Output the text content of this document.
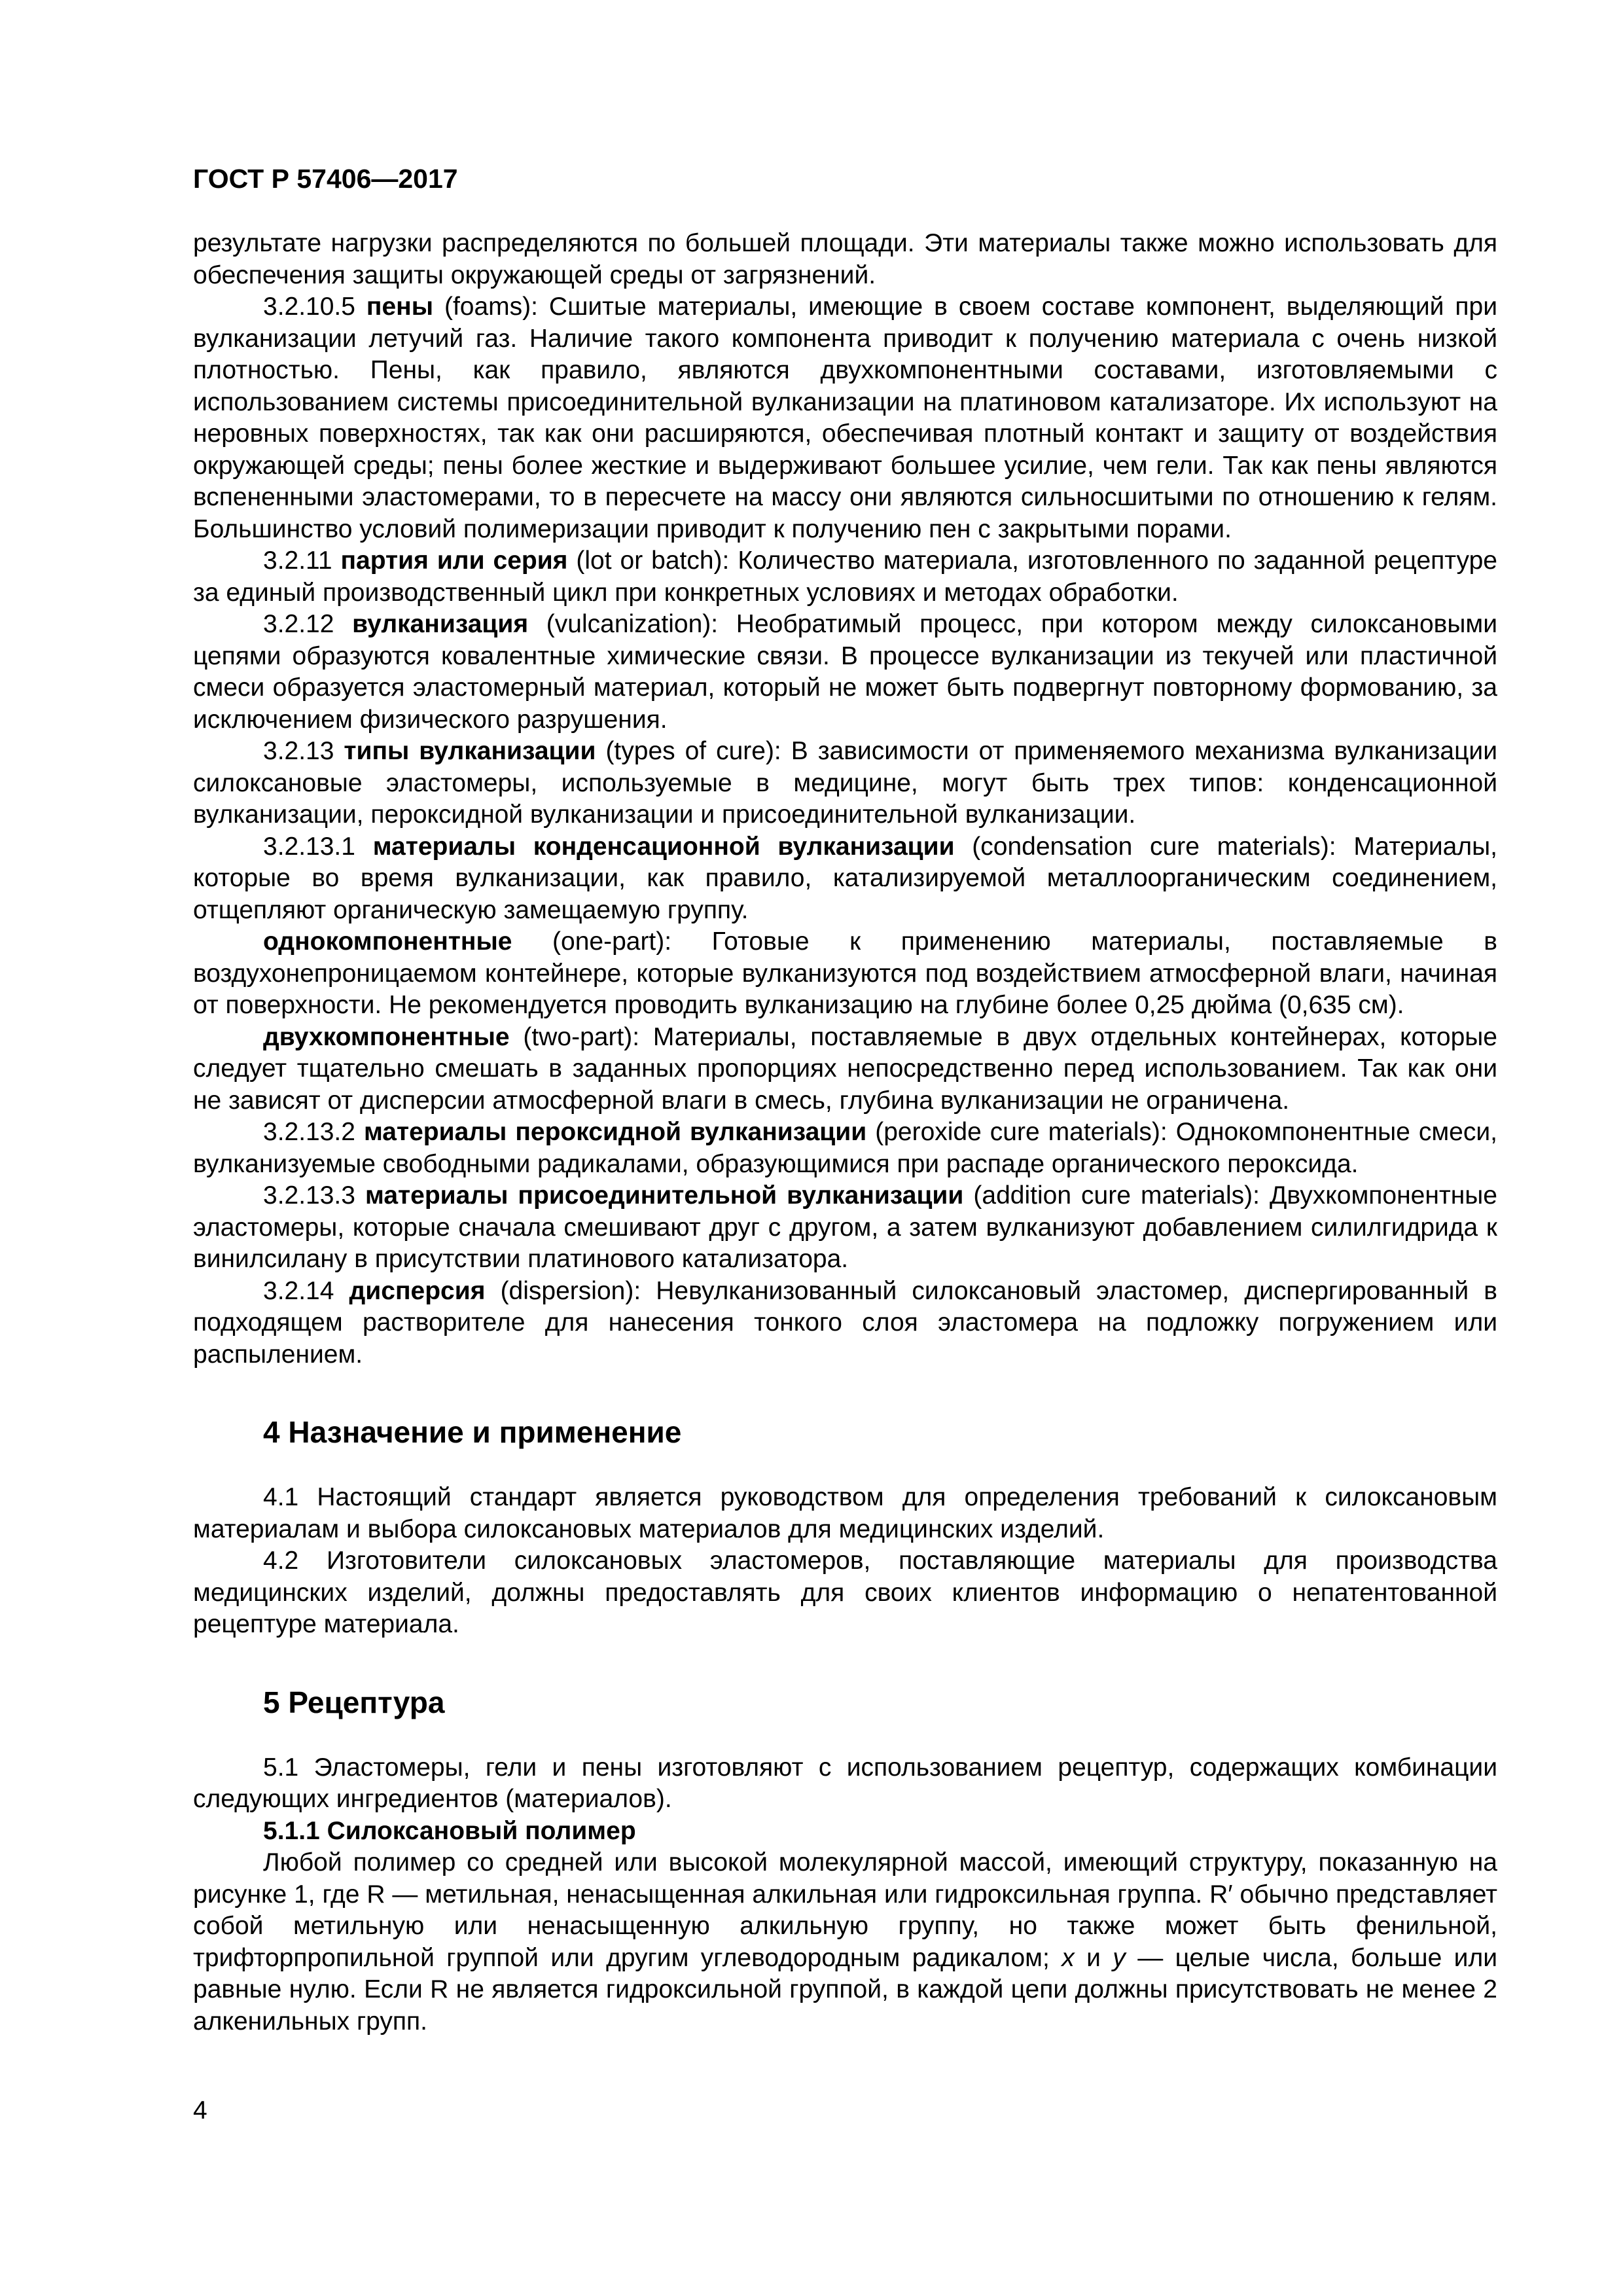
ГОСТ Р 57406—2017

результате нагрузки распределяются по большей площади. Эти материалы также можно использовать для обеспечения защиты окружающей среды от загрязнений.

3.2.10.5 пены (foams): Сшитые материалы, имеющие в своем составе компонент, выделяющий при вулканизации летучий газ. Наличие такого компонента приводит к получению материала с очень низкой плотностью. Пены, как правило, являются двухкомпонентными составами, изготовляемыми с использованием системы присоединительной вулканизации на платиновом катализаторе. Их используют на неровных поверхностях, так как они расширяются, обеспечивая плотный контакт и защиту от воздействия окружающей среды; пены более жесткие и выдерживают большее усилие, чем гели. Так как пены являются вспененными эластомерами, то в пересчете на массу они являются сильносшитыми по отношению к гелям. Большинство условий полимеризации приводит к получению пен с закрытыми порами.

3.2.11 партия или серия (lot or batch): Количество материала, изготовленного по заданной рецептуре за единый производственный цикл при конкретных условиях и методах обработки.

3.2.12 вулканизация (vulcanization): Необратимый процесс, при котором между силоксановыми цепями образуются ковалентные химические связи. В процессе вулканизации из текучей или пластичной смеси образуется эластомерный материал, который не может быть подвергнут повторному формованию, за исключением физического разрушения.

3.2.13 типы вулканизации (types of cure): В зависимости от применяемого механизма вулканизации силоксановые эластомеры, используемые в медицине, могут быть трех типов: конденсационной вулканизации, пероксидной вулканизации и присоединительной вулканизации.

3.2.13.1 материалы конденсационной вулканизации (condensation cure materials): Материалы, которые во время вулканизации, как правило, катализируемой металлоорганическим соединением, отщепляют органическую замещаемую группу.

однокомпонентные (one-part): Готовые к применению материалы, поставляемые в воздухонепроницаемом контейнере, которые вулканизуются под воздействием атмосферной влаги, начиная от поверхности. Не рекомендуется проводить вулканизацию на глубине более 0,25 дюйма (0,635 см).

двухкомпонентные (two-part): Материалы, поставляемые в двух отдельных контейнерах, которые следует тщательно смешать в заданных пропорциях непосредственно перед использованием. Так как они не зависят от дисперсии атмосферной влаги в смесь, глубина вулканизации не ограничена.

3.2.13.2 материалы пероксидной вулканизации (peroxide cure materials): Однокомпонентные смеси, вулканизуемые свободными радикалами, образующимися при распаде органического пероксида.

3.2.13.3 материалы присоединительной вулканизации (addition cure materials): Двухкомпонентные эластомеры, которые сначала смешивают друг с другом, а затем вулканизуют добавлением силилгидрида к винилсилану в присутствии платинового катализатора.

3.2.14 дисперсия (dispersion): Невулканизованный силоксановый эластомер, диспергированный в подходящем растворителе для нанесения тонкого слоя эластомера на подложку погружением или распылением.

4 Назначение и применение

4.1 Настоящий стандарт является руководством для определения требований к силоксановым материалам и выбора силоксановых материалов для медицинских изделий.

4.2 Изготовители силоксановых эластомеров, поставляющие материалы для производства медицинских изделий, должны предоставлять для своих клиентов информацию о непатентованной рецептуре материала.

5 Рецептура

5.1 Эластомеры, гели и пены изготовляют с использованием рецептур, содержащих комбинации следующих ингредиентов (материалов).

5.1.1 Силоксановый полимер

Любой полимер со средней или высокой молекулярной массой, имеющий структуру, показанную на рисунке 1, где R — метильная, ненасыщенная алкильная или гидроксильная группа. R′ обычно представляет собой метильную или ненасыщенную алкильную группу, но также может быть фенильной, трифторпропильной группой или другим углеводородным радикалом; x и y — целые числа, больше или равные нулю. Если R не является гидроксильной группой, в каждой цепи должны присутствовать не менее 2 алкенильных групп.

4
